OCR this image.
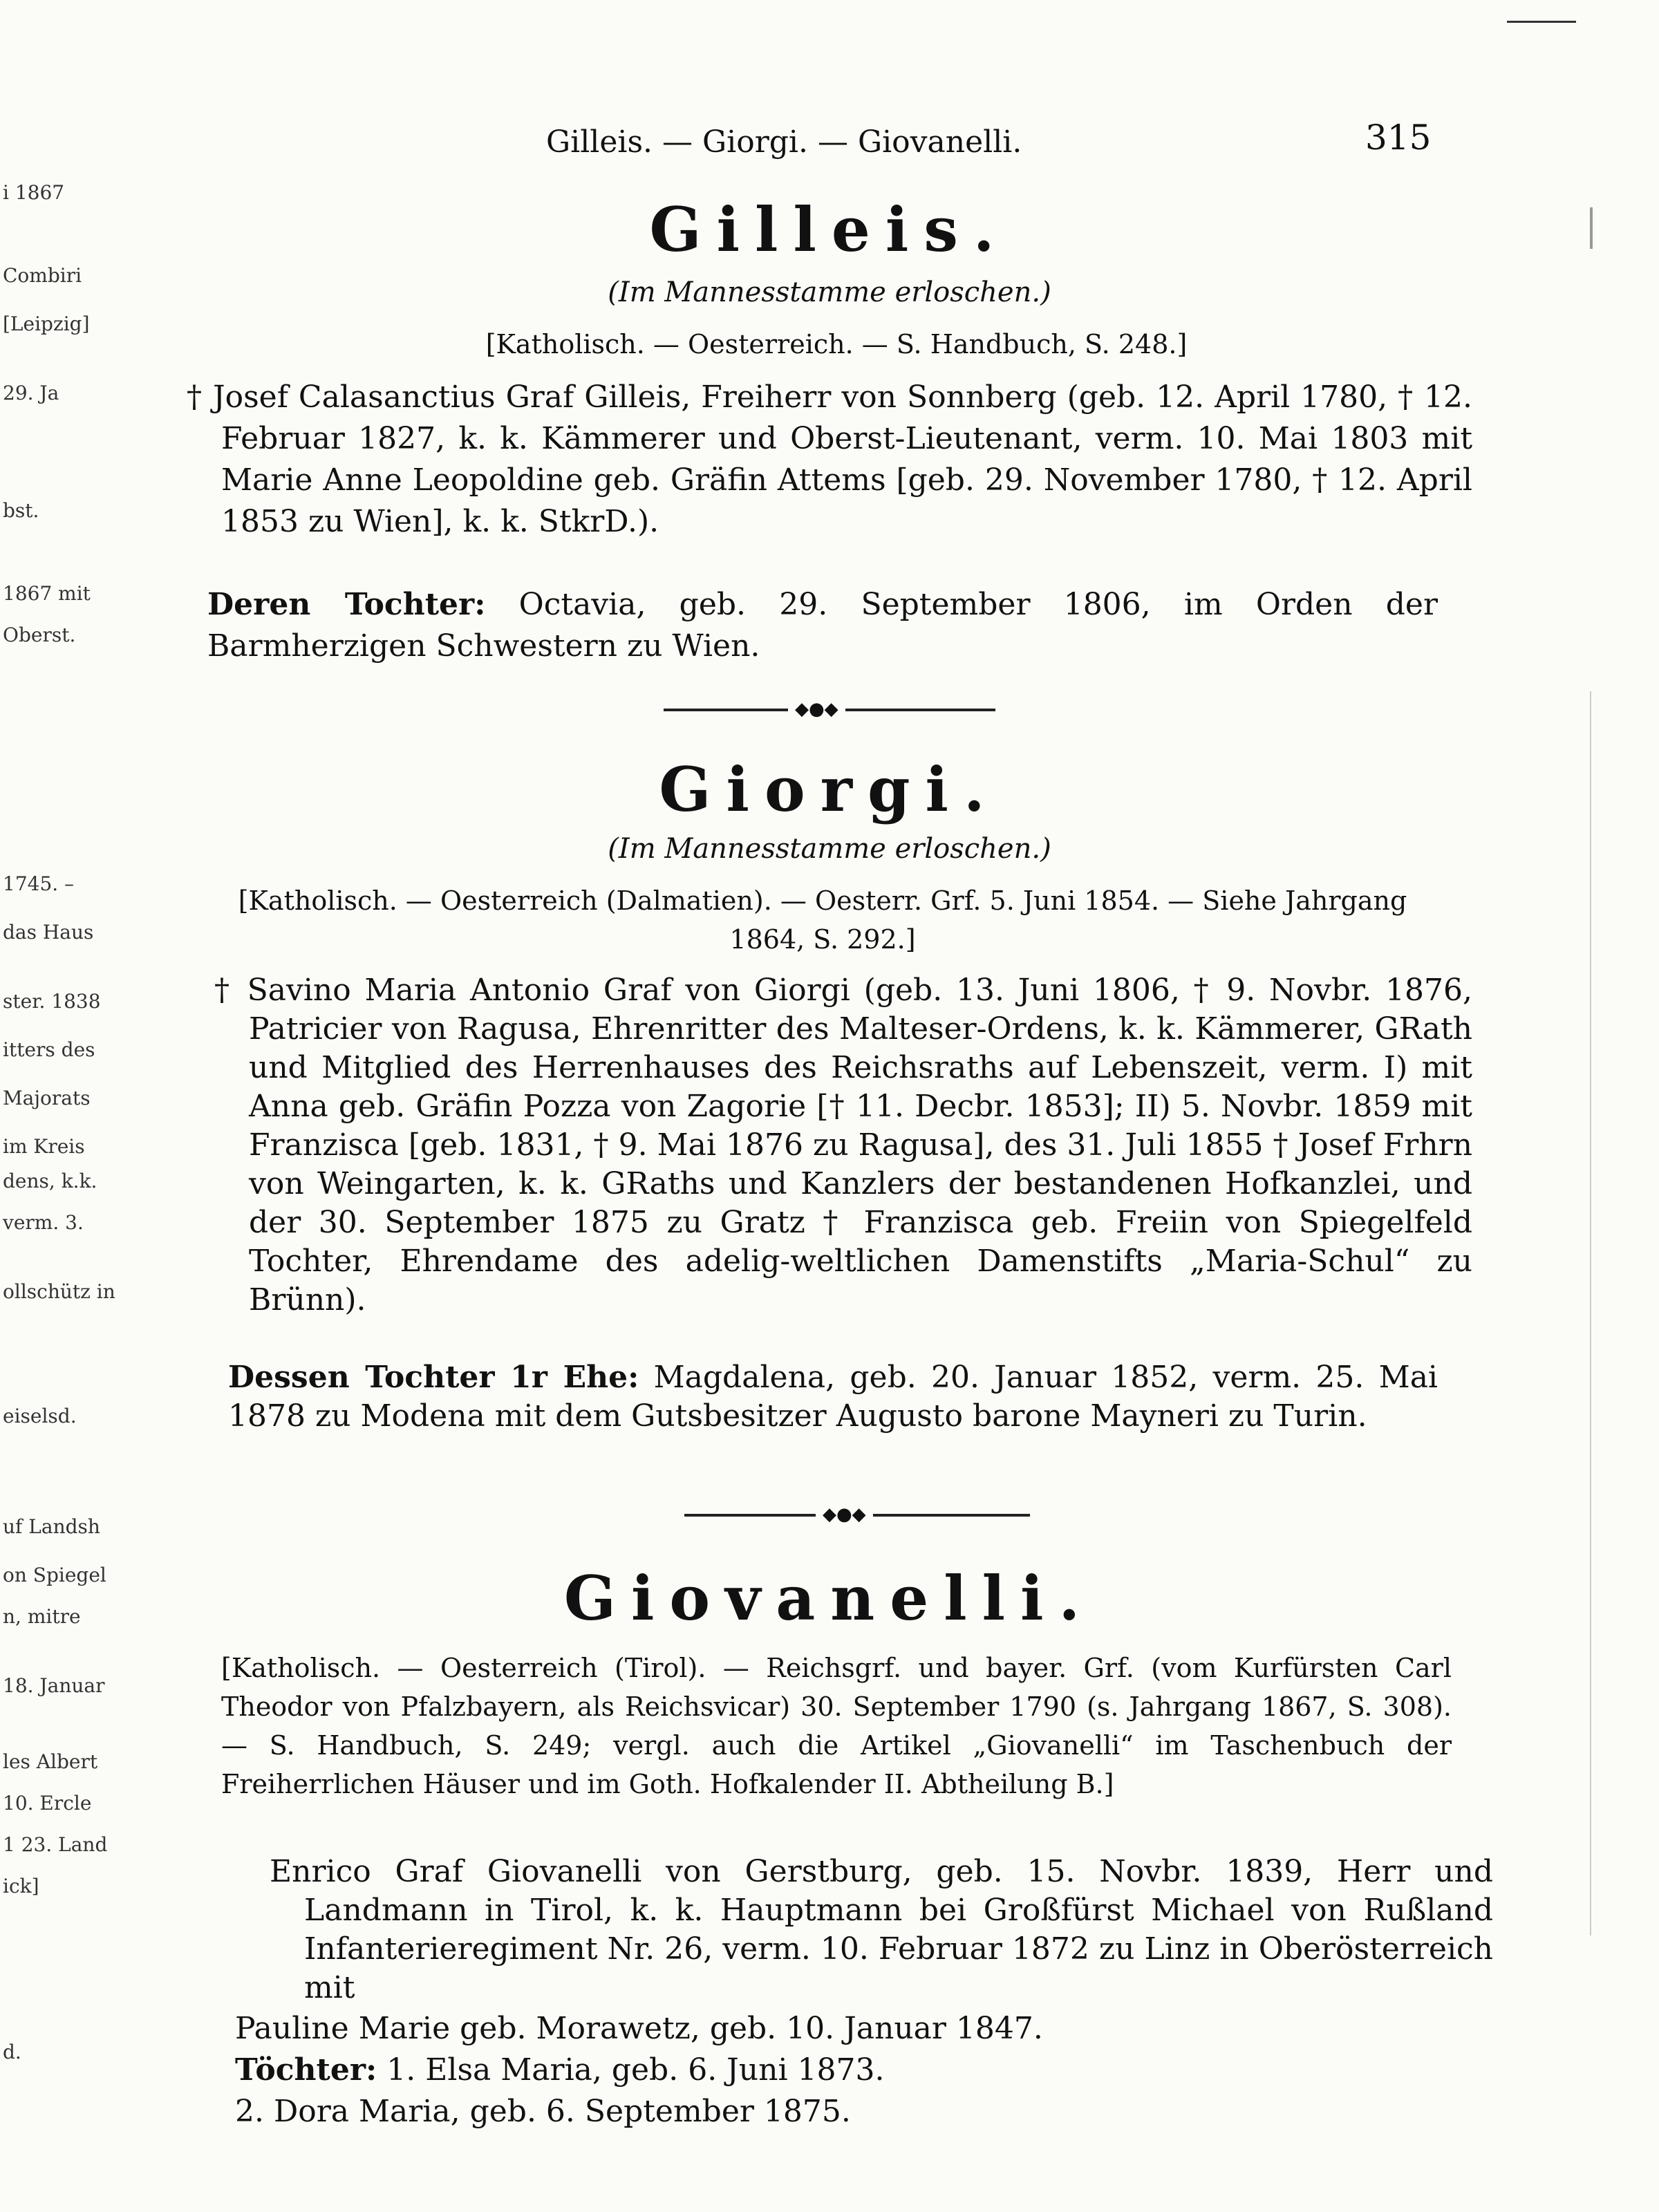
Gilleis. — Giorgi. — Giovanelli.	315
i 1867
Combiri
[Leipzig]
29. Ja
bst.
1867 mit
Oberst.
1745. –
das Haus
ster. 1838
itters des
Majorats
im Kreis
dens, k.k.
verm. 3.
ollschütz in
eiselsd.
uf Landsh
on Spiegel
n, mitre
18. Januar
les Albert
10. Ercle
1 23. Land
ick]
d.
Gilleis.
(Im Mannesstamme erloschen.)
[Katholisch. — Oesterreich. — S. Handbuch, S. 248.]
† Josef Calasanctius Graf Gilleis, Freiherr von Sonnberg (geb. 12. April 1780, † 12. Februar 1827, k. k. Kämmerer und Oberst-Lieutenant, verm. 10. Mai 1803 mit Marie Anne Leopoldine geb. Gräfin Attems [geb. 29. November 1780, † 12. April 1853 zu Wien], k. k. StkrD.).
Deren Tochter: Octavia, geb. 29. September 1806, im Orden der Barmherzigen Schwestern zu Wien.
◆●◆
Giorgi.
(Im Mannesstamme erloschen.)
[Katholisch. — Oesterreich (Dalmatien). — Oesterr. Grf. 5. Juni 1854. — Siehe Jahrgang 1864, S. 292.]
† Savino Maria Antonio Graf von Giorgi (geb. 13. Juni 1806, † 9. Novbr. 1876, Patricier von Ragusa, Ehrenritter des Malteser-Ordens, k. k. Kämmerer, GRath und Mitglied des Herrenhauses des Reichsraths auf Lebenszeit, verm. I) mit Anna geb. Gräfin Pozza von Zagorie [† 11. Decbr. 1853]; II) 5. Novbr. 1859 mit Franzisca [geb. 1831, † 9. Mai 1876 zu Ragusa], des 31. Juli 1855 † Josef Frhrn von Weingarten, k. k. GRaths und Kanzlers der bestandenen Hofkanzlei, und der 30. September 1875 zu Gratz † Franzisca geb. Freiin von Spiegelfeld Tochter, Ehrendame des adelig-weltlichen Damenstifts „Maria-Schul“ zu Brünn).
Dessen Tochter 1r Ehe: Magdalena, geb. 20. Januar 1852, verm. 25. Mai 1878 zu Modena mit dem Gutsbesitzer Augusto barone Mayneri zu Turin.
◆●◆
Giovanelli.
[Katholisch. — Oesterreich (Tirol). — Reichsgrf. und bayer. Grf. (vom Kurfürsten Carl Theodor von Pfalzbayern, als Reichsvicar) 30. September 1790 (s. Jahrgang 1867, S. 308). — S. Handbuch, S. 249; vergl. auch die Artikel „Giovanelli“ im Taschenbuch der Freiherrlichen Häuser und im Goth. Hofkalender II. Abtheilung B.]
Enrico Graf Giovanelli von Gerstburg, geb. 15. Novbr. 1839, Herr und Landmann in Tirol, k. k. Hauptmann bei Großfürst Michael von Rußland Infanterieregiment Nr. 26, verm. 10. Februar 1872 zu Linz in Oberösterreich mit
Pauline Marie geb. Morawetz, geb. 10. Januar 1847.
Töchter: 1. Elsa Maria, geb. 6. Juni 1873.
2. Dora Maria, geb. 6. September 1875.
